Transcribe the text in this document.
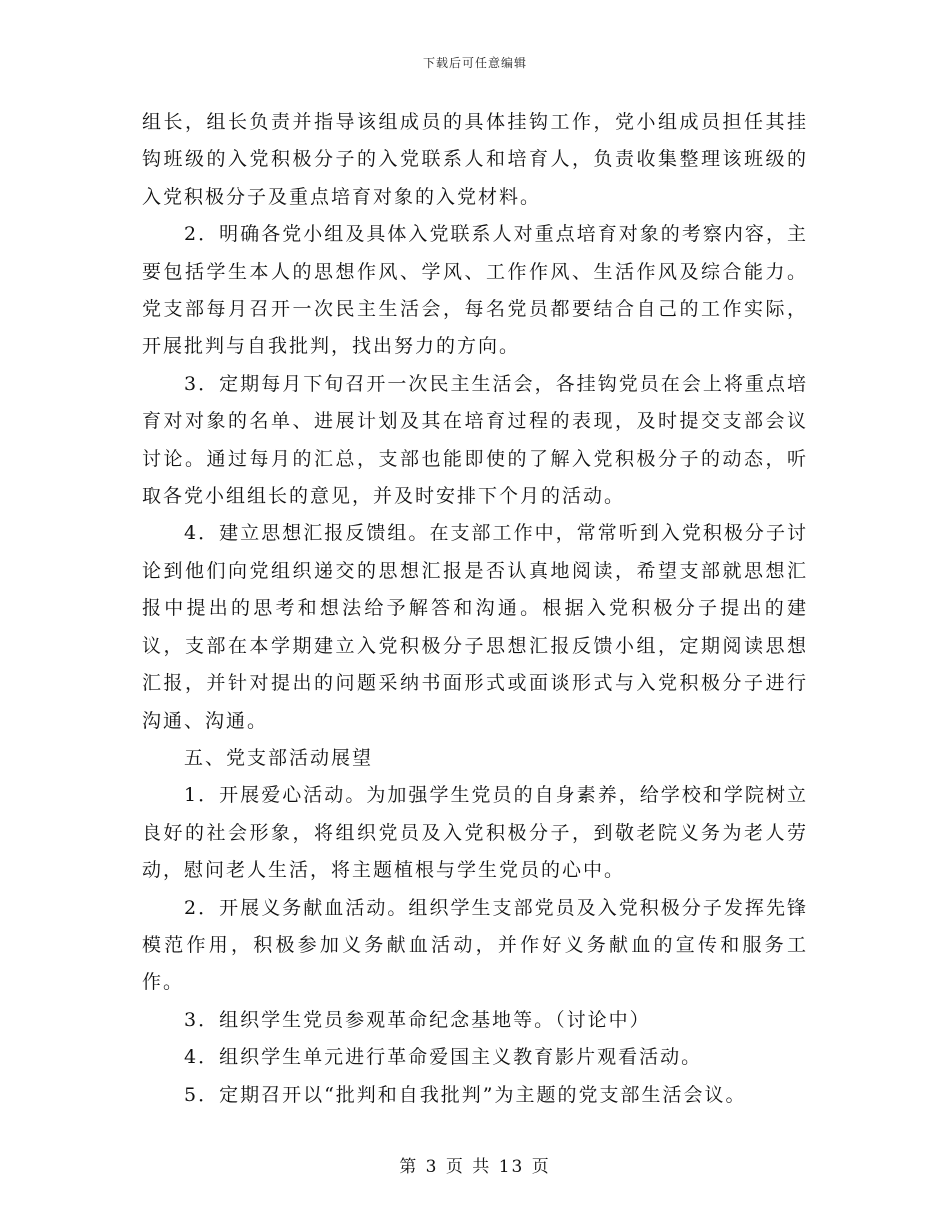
下载后可任意编辑

组长，组长负责并指导该组成员的具体挂钩工作，党小组成员担任其挂钩班级的入党积极分子的入党联系人和培育人，负责收集整理该班级的入党积极分子及重点培育对象的入党材料。

2．明确各党小组及具体入党联系人对重点培育对象的考察内容，主要包括学生本人的思想作风、学风、工作作风、生活作风及综合能力。党支部每月召开一次民主生活会，每名党员都要结合自己的工作实际，开展批判与自我批判，找出努力的方向。

3．定期每月下旬召开一次民主生活会，各挂钩党员在会上将重点培育对对象的名单、进展计划及其在培育过程的表现，及时提交支部会议讨论。通过每月的汇总，支部也能即使的了解入党积极分子的动态，听取各党小组组长的意见，并及时安排下个月的活动。

4．建立思想汇报反馈组。在支部工作中，常常听到入党积极分子讨论到他们向党组织递交的思想汇报是否认真地阅读，希望支部就思想汇报中提出的思考和想法给予解答和沟通。根据入党积极分子提出的建议，支部在本学期建立入党积极分子思想汇报反馈小组，定期阅读思想汇报，并针对提出的问题采纳书面形式或面谈形式与入党积极分子进行沟通、沟通。

五、党支部活动展望

1．开展爱心活动。为加强学生党员的自身素养，给学校和学院树立良好的社会形象，将组织党员及入党积极分子，到敬老院义务为老人劳动，慰问老人生活，将主题植根与学生党员的心中。

2．开展义务献血活动。组织学生支部党员及入党积极分子发挥先锋模范作用，积极参加义务献血活动，并作好义务献血的宣传和服务工作。

3．组织学生党员参观革命纪念基地等。（讨论中）

4．组织学生单元进行革命爱国主义教育影片观看活动。

5．定期召开以“批判和自我批判”为主题的党支部生活会议。

第 3 页 共 13 页
